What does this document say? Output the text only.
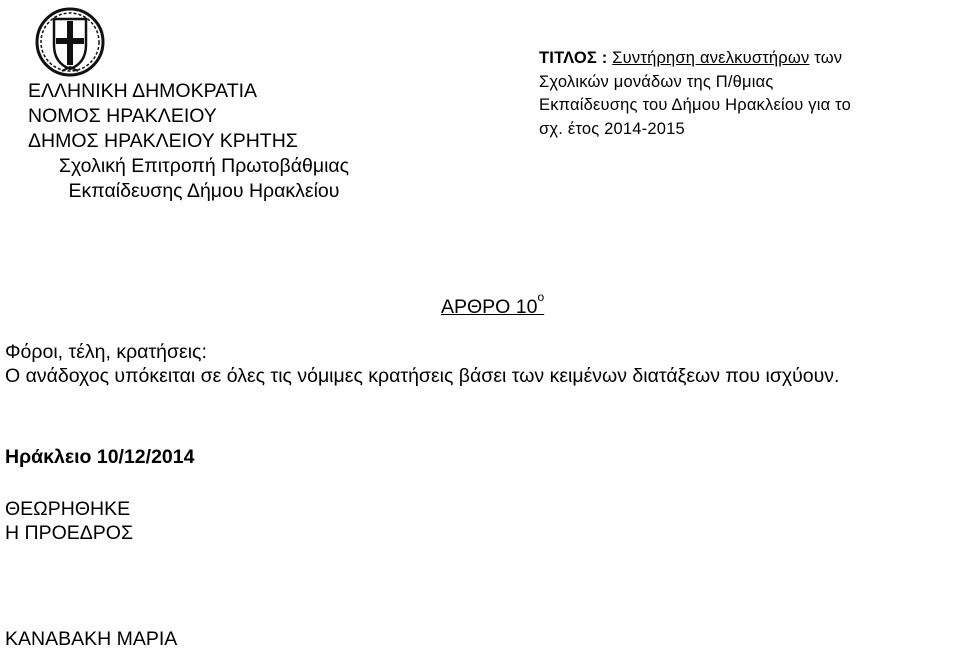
ΕΛΛΗΝΙΚΗ ΔΗΜΟΚΡΑΤΙΑ
ΝΟΜΟΣ ΗΡΑΚΛΕΙΟΥ
ΔΗΜΟΣ ΗΡΑΚΛΕΙΟΥ ΚΡΗΤΗΣ
Σχολική Επιτροπή Πρωτοβάθμιας
Εκπαίδευσης Δήμου Ηρακλείου
ΤΙΤΛΟΣ : Συντήρηση ανελκυστήρων των
Σχολικών μονάδων της Π/θμιας
Εκπαίδευσης του Δήμου Ηρακλείου για το
σχ. έτος 2014-2015
ΑΡΘΡΟ $10^o$
Φόροι, τέλη, κρατήσεις:
Ο ανάδοχος υπόκειται σε όλες τις νόμιμες κρατήσεις βάσει των κειμένων διατάξεων που ισχύουν.
Ηράκλειο 10/12/2014
ΘΕΩΡΗΘΗΚΕ
Η ΠΡΟΕΔΡΟΣ
ΚΑΝΑΒΑΚΗ ΜΑΡΙΑ
